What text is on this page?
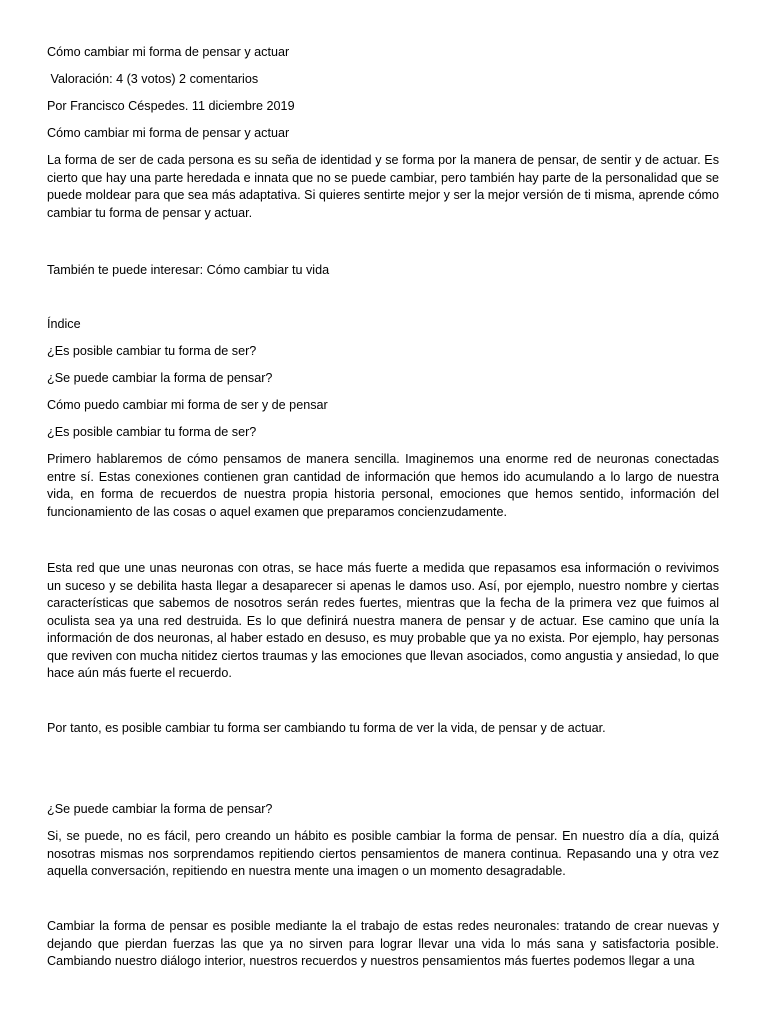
Cómo cambiar mi forma de pensar y actuar
Valoración: 4 (3 votos) 2 comentarios
Por Francisco Céspedes. 11 diciembre 2019
Cómo cambiar mi forma de pensar y actuar
La forma de ser de cada persona es su seña de identidad y se forma por la manera de pensar, de sentir y de actuar. Es cierto que hay una parte heredada e innata que no se puede cambiar, pero también hay parte de la personalidad que se puede moldear para que sea más adaptativa. Si quieres sentirte mejor y ser la mejor versión de ti misma, aprende cómo cambiar tu forma de pensar y actuar.
También te puede interesar: Cómo cambiar tu vida
Índice
¿Es posible cambiar tu forma de ser?
¿Se puede cambiar la forma de pensar?
Cómo puedo cambiar mi forma de ser y de pensar
¿Es posible cambiar tu forma de ser?
Primero hablaremos de cómo pensamos de manera sencilla. Imaginemos una enorme red de neuronas conectadas entre sí. Estas conexiones contienen gran cantidad de información que hemos ido acumulando a lo largo de nuestra vida, en forma de recuerdos de nuestra propia historia personal, emociones que hemos sentido, información del funcionamiento de las cosas o aquel examen que preparamos concienzudamente.
Esta red que une unas neuronas con otras, se hace más fuerte a medida que repasamos esa información o revivimos un suceso y se debilita hasta llegar a desaparecer si apenas le damos uso. Así, por ejemplo, nuestro nombre y ciertas características que sabemos de nosotros serán redes fuertes, mientras que la fecha de la primera vez que fuimos al oculista sea ya una red destruida. Es lo que definirá nuestra manera de pensar y de actuar. Ese camino que unía la información de dos neuronas, al haber estado en desuso, es muy probable que ya no exista. Por ejemplo, hay personas que reviven con mucha nitidez ciertos traumas y las emociones que llevan asociados, como angustia y ansiedad, lo que hace aún más fuerte el recuerdo.
Por tanto, es posible cambiar tu forma ser cambiando tu forma de ver la vida, de pensar y de actuar.
¿Se puede cambiar la forma de pensar?
Si, se puede, no es fácil, pero creando un hábito es posible cambiar la forma de pensar. En nuestro día a día, quizá nosotras mismas nos sorprendamos repitiendo ciertos pensamientos de manera continua. Repasando una y otra vez aquella conversación, repitiendo en nuestra mente una imagen o un momento desagradable.
Cambiar la forma de pensar es posible mediante la el trabajo de estas redes neuronales: tratando de crear nuevas y dejando que pierdan fuerzas las que ya no sirven para lograr llevar una vida lo más sana y satisfactoria posible. Cambiando nuestro diálogo interior, nuestros recuerdos y nuestros pensamientos más fuertes podemos llegar a una
